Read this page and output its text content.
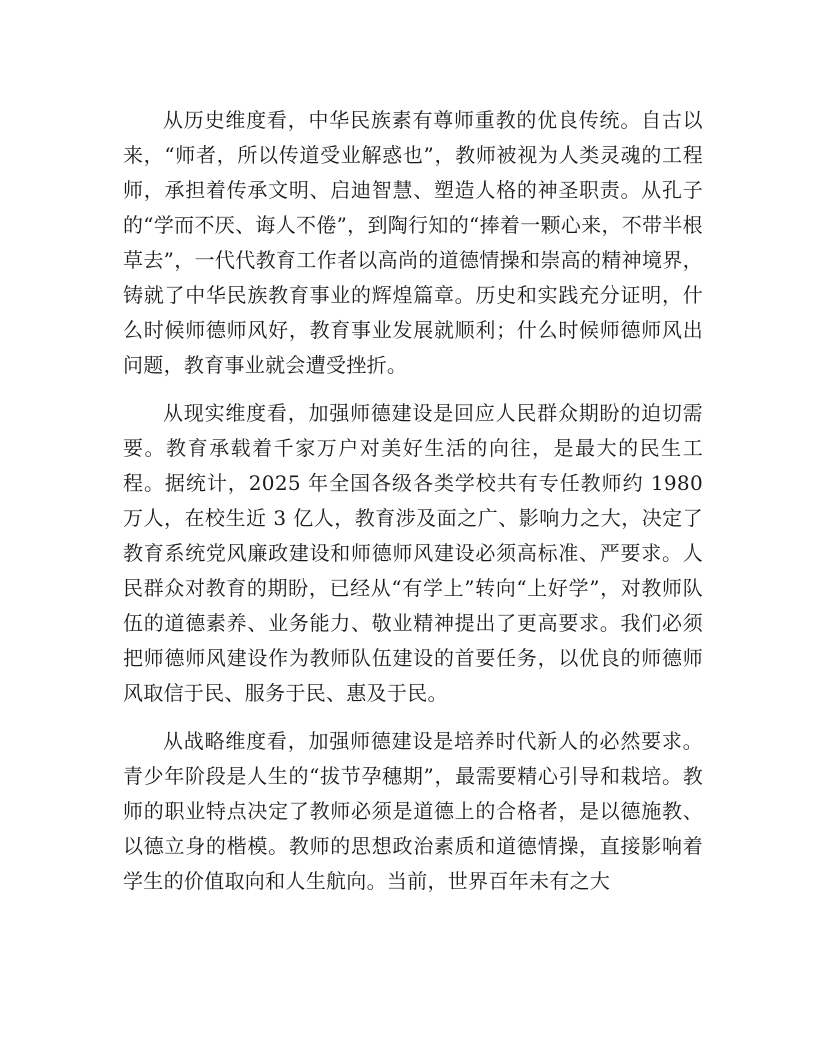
从历史维度看，中华民族素有尊师重教的优良传统。自古以来，“师者，所以传道受业解惑也”，教师被视为人类灵魂的工程师，承担着传承文明、启迪智慧、塑造人格的神圣职责。从孔子的“学而不厌、诲人不倦”，到陶行知的“捧着一颗心来，不带半根草去”，一代代教育工作者以高尚的道德情操和崇高的精神境界，铸就了中华民族教育事业的辉煌篇章。历史和实践充分证明，什么时候师德师风好，教育事业发展就顺利；什么时候师德师风出问题，教育事业就会遭受挫折。

从现实维度看，加强师德建设是回应人民群众期盼的迫切需要。教育承载着千家万户对美好生活的向往，是最大的民生工程。据统计，2025 年全国各级各类学校共有专任教师约 1980 万人，在校生近 3 亿人，教育涉及面之广、影响力之大，决定了教育系统党风廉政建设和师德师风建设必须高标准、严要求。人民群众对教育的期盼，已经从“有学上”转向“上好学”，对教师队伍的道德素养、业务能力、敬业精神提出了更高要求。我们必须把师德师风建设作为教师队伍建设的首要任务，以优良的师德师风取信于民、服务于民、惠及于民。

从战略维度看，加强师德建设是培养时代新人的必然要求。青少年阶段是人生的“拔节孕穗期”，最需要精心引导和栽培。教师的职业特点决定了教师必须是道德上的合格者，是以德施教、以德立身的楷模。教师的思想政治素质和道德情操，直接影响着学生的价值取向和人生航向。当前，世界百年未有之大
